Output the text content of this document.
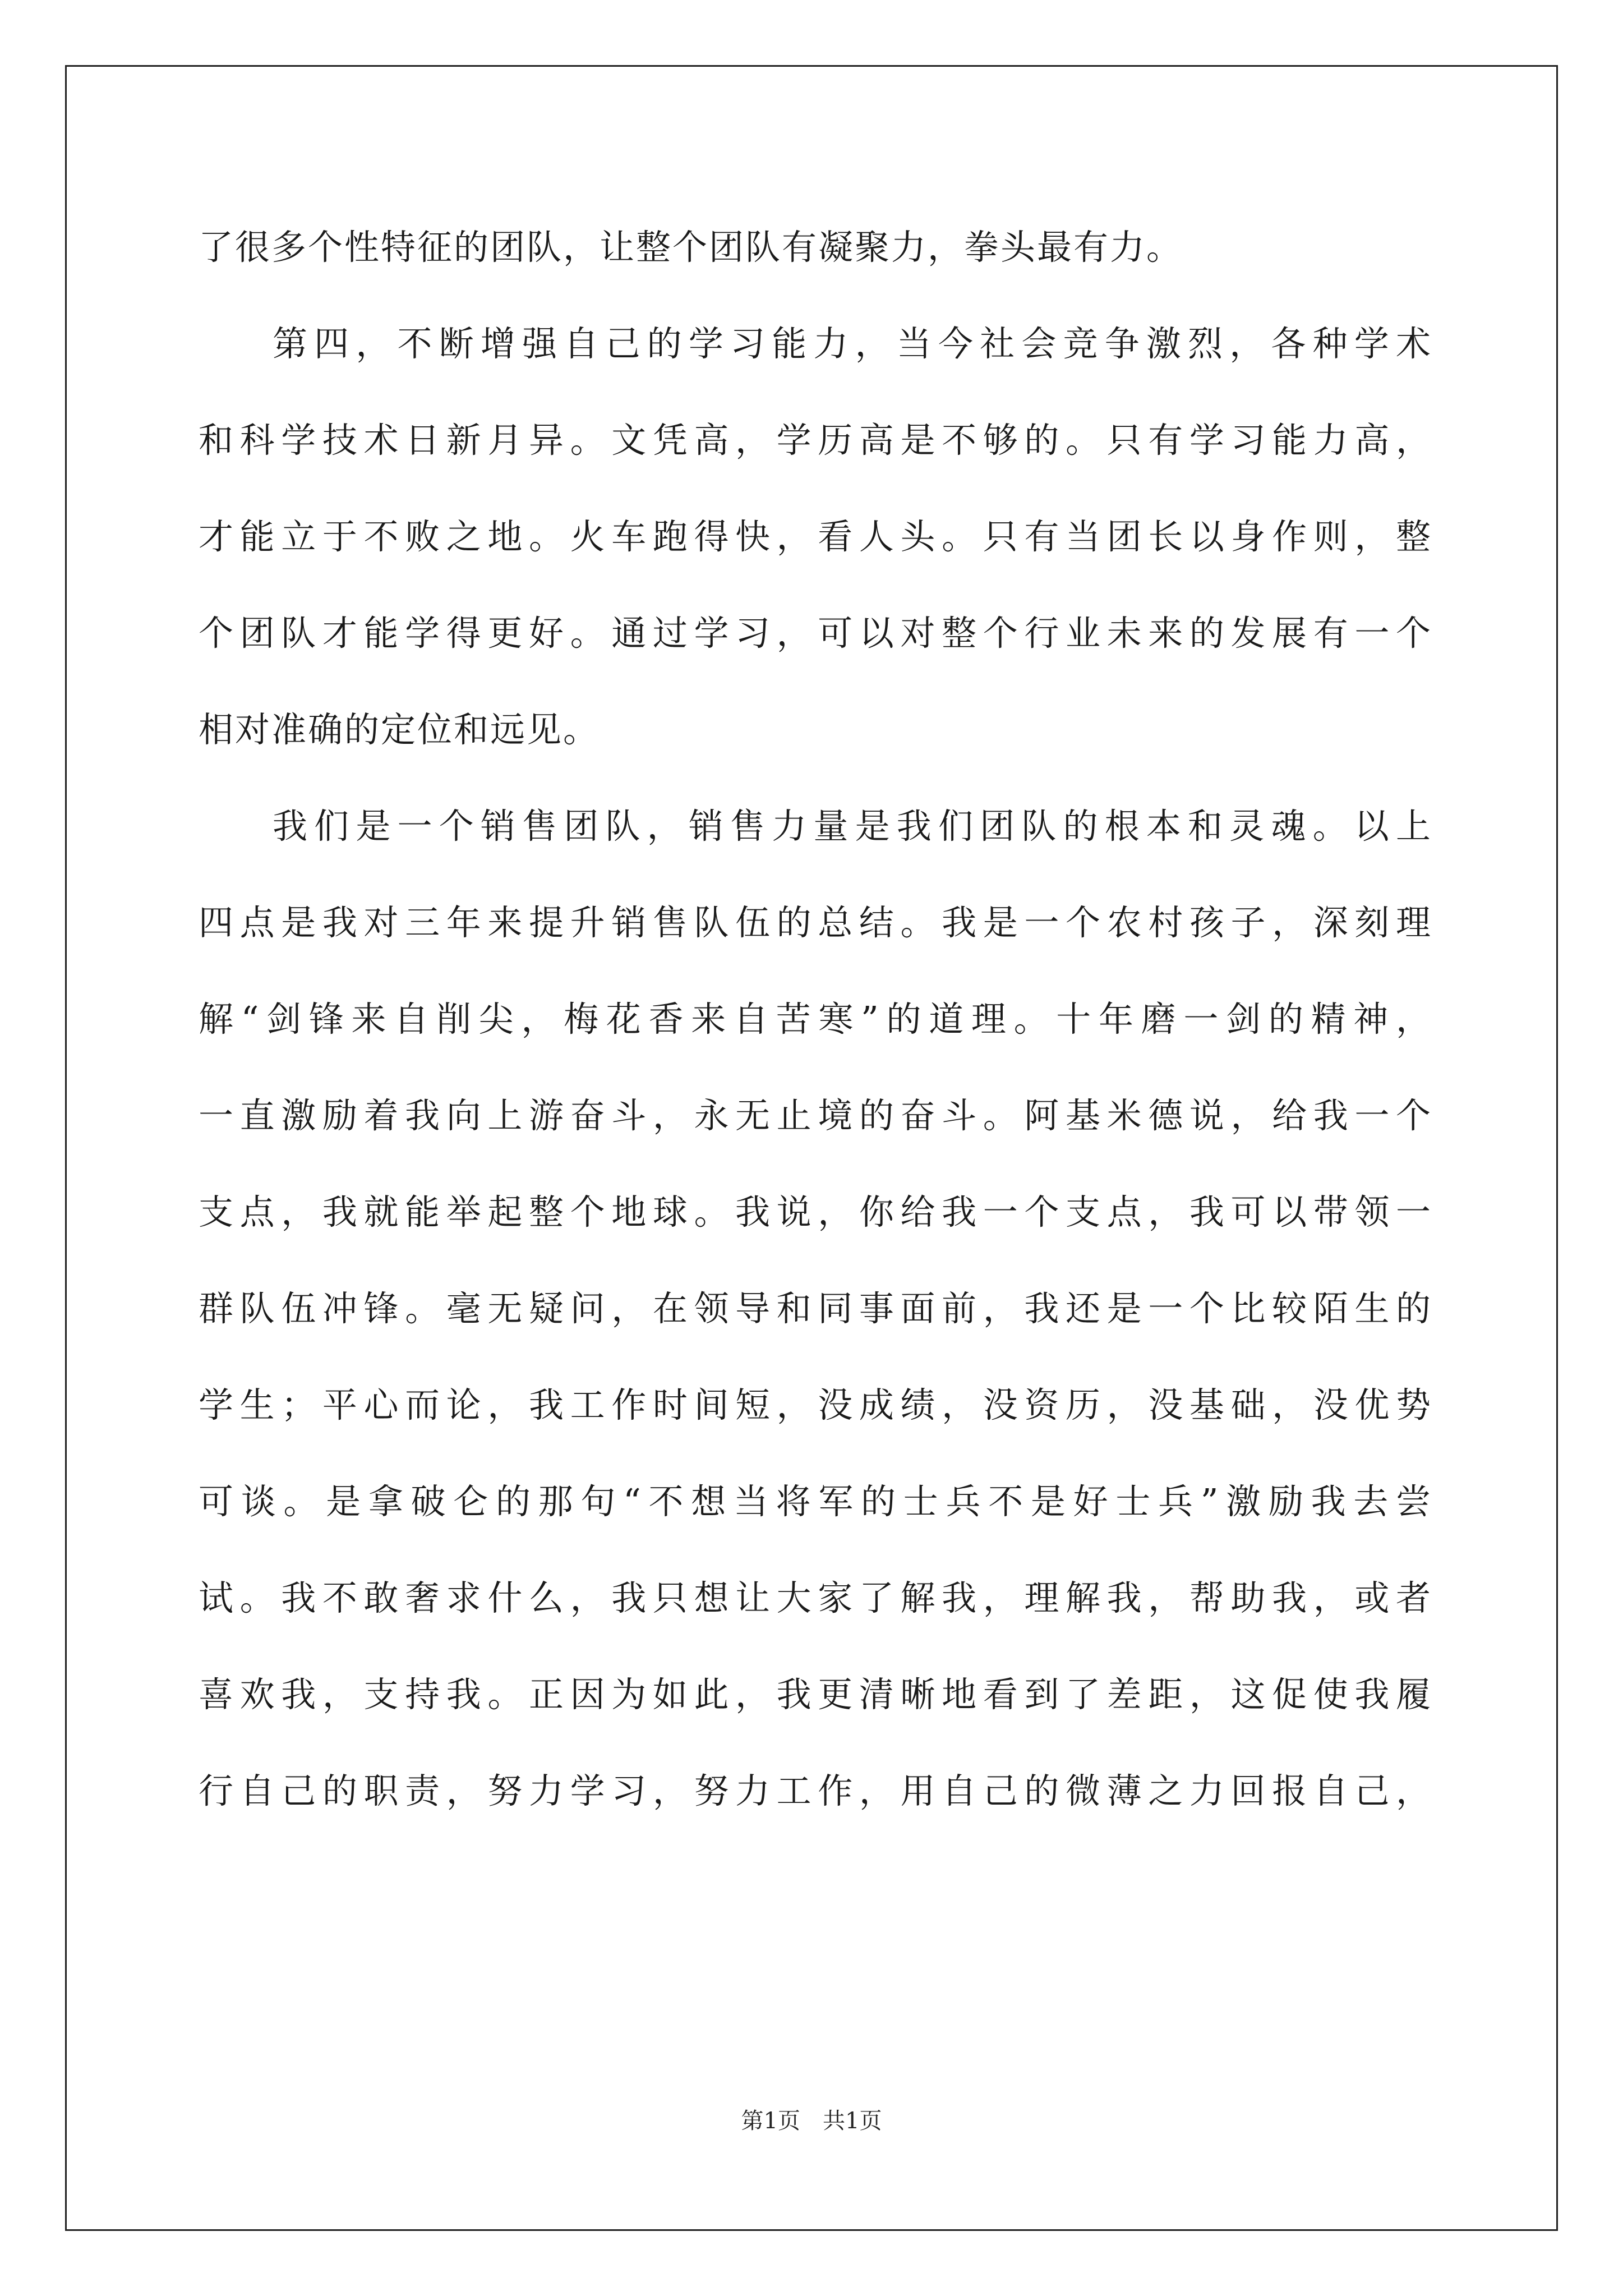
了很多个性特征的团队，让整个团队有凝聚力，拳头最有力。
第四，不断增强自己的学习能力，当今社会竞争激烈，各种学术
和科学技术日新月异。文凭高，学历高是不够的。只有学习能力高，
才能立于不败之地。火车跑得快，看人头。只有当团长以身作则，整
个团队才能学得更好。通过学习，可以对整个行业未来的发展有一个
相对准确的定位和远见。
我们是一个销售团队，销售力量是我们团队的根本和灵魂。以上
四点是我对三年来提升销售队伍的总结。我是一个农村孩子，深刻理
解“剑锋来自削尖，梅花香来自苦寒”的道理。十年磨一剑的精神，
一直激励着我向上游奋斗，永无止境的奋斗。阿基米德说，给我一个
支点，我就能举起整个地球。我说，你给我一个支点，我可以带领一
群队伍冲锋。毫无疑问，在领导和同事面前，我还是一个比较陌生的
学生；平心而论，我工作时间短，没成绩，没资历，没基础，没优势
可谈。是拿破仑的那句“不想当将军的士兵不是好士兵”激励我去尝
试。我不敢奢求什么，我只想让大家了解我，理解我，帮助我，或者
喜欢我，支持我。正因为如此，我更清晰地看到了差距，这促使我履
行自己的职责，努力学习，努力工作，用自己的微薄之力回报自己，
第1页　共1页
